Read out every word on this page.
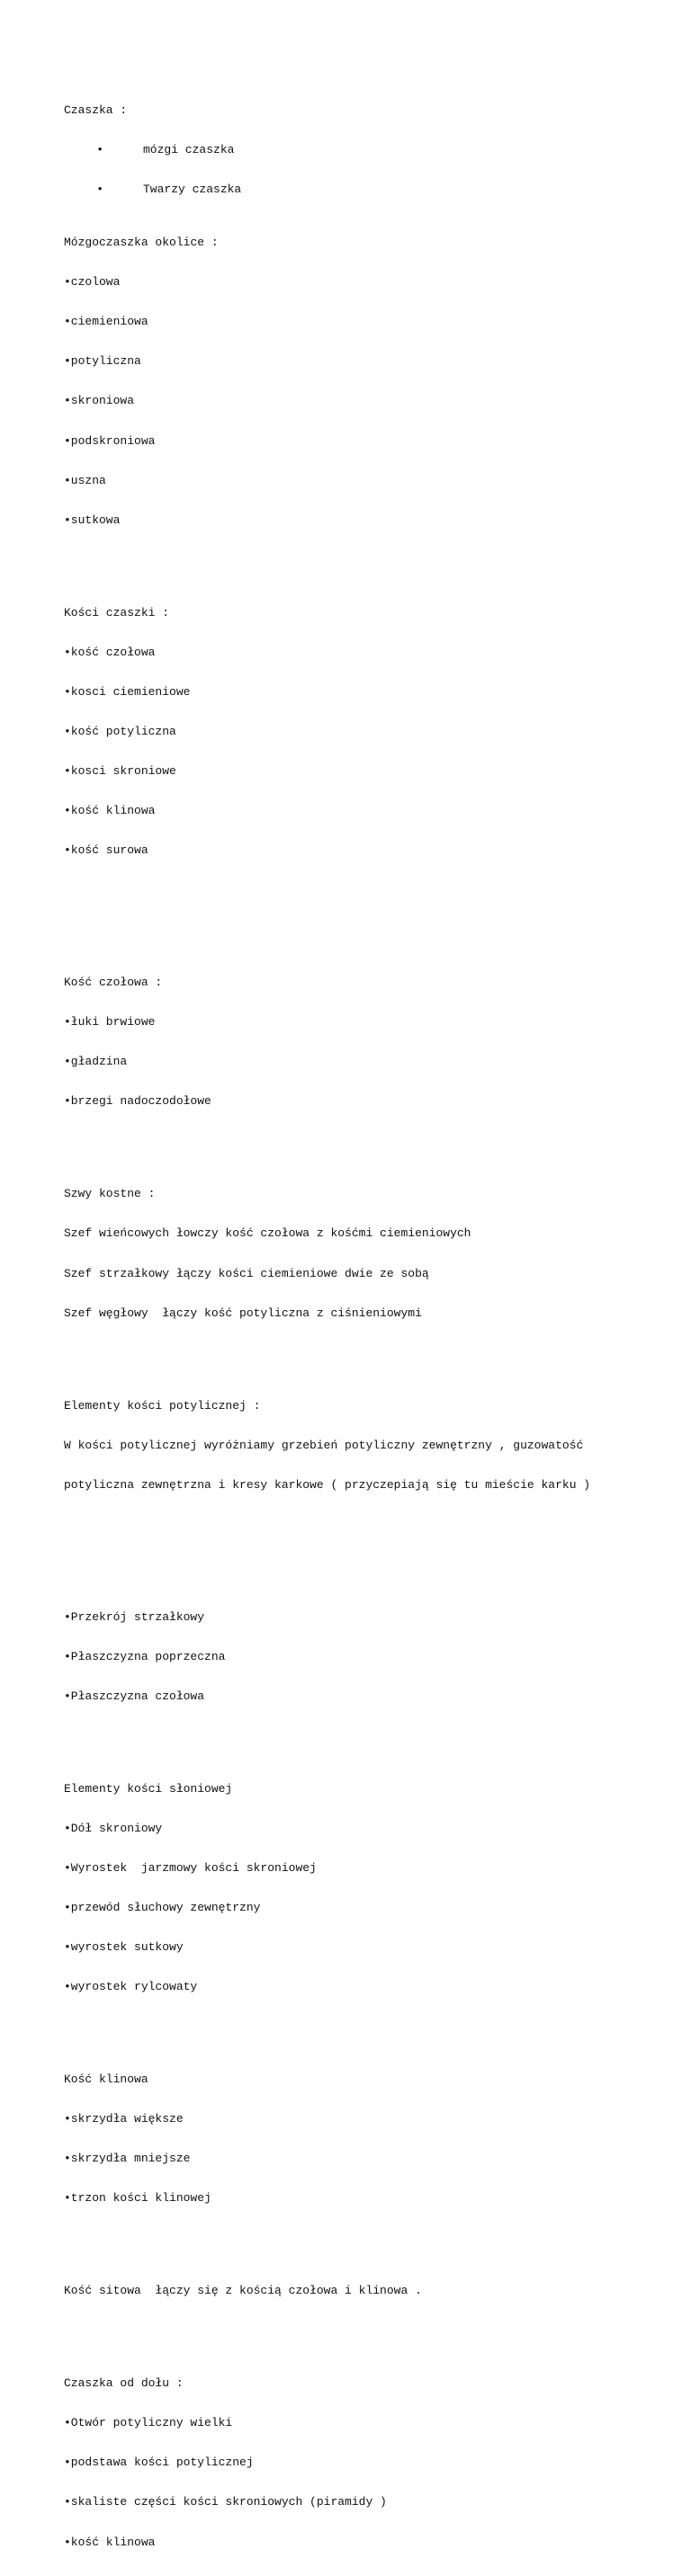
Czaszka :

•	mózgi czaszka

•	Twarzy czaszka

Mózgoczaszka okolice :

•czolowa

•ciemieniowa

•potyliczna

•skroniowa

•podskroniowa

•uszna

•sutkowa

Kości czaszki :

•kość czołowa

•kosci ciemieniowe

•kość potyliczna

•kosci skroniowe

•kość klinowa

•kość surowa

Kość czołowa :

•łuki brwiowe

•gładzina

•brzegi nadoczodołowe

Szwy kostne :

Szef wieńcowych łowczy kość czołowa z kośćmi ciemieniowych

Szef strzałkowy łączy kości ciemieniowe dwie ze sobą

Szef węgłowy  łączy kość potyliczna z ciśnieniowymi

Elementy kości potylicznej :

W kości potylicznej wyróżniamy grzebień potyliczny zewnętrzny , guzowatość

potyliczna zewnętrzna i kresy karkowe ( przyczepiają się tu mieście karku )

•Przekrój strzałkowy

•Płaszczyzna poprzeczna

•Płaszczyzna czołowa

Elementy kości słoniowej

•Dół skroniowy

•Wyrostek  jarzmowy kości skroniowej

•przewód słuchowy zewnętrzny

•wyrostek sutkowy

•wyrostek rylcowaty

Kość klinowa

•skrzydła większe

•skrzydła mniejsze

•trzon kości klinowej

Kość sitowa  łączy się z kością czołowa i klinowa .

Czaszka od dołu :

•Otwór potyliczny wielki

•podstawa kości potylicznej

•skaliste części kości skroniowych (piramidy )

•kość klinowa
